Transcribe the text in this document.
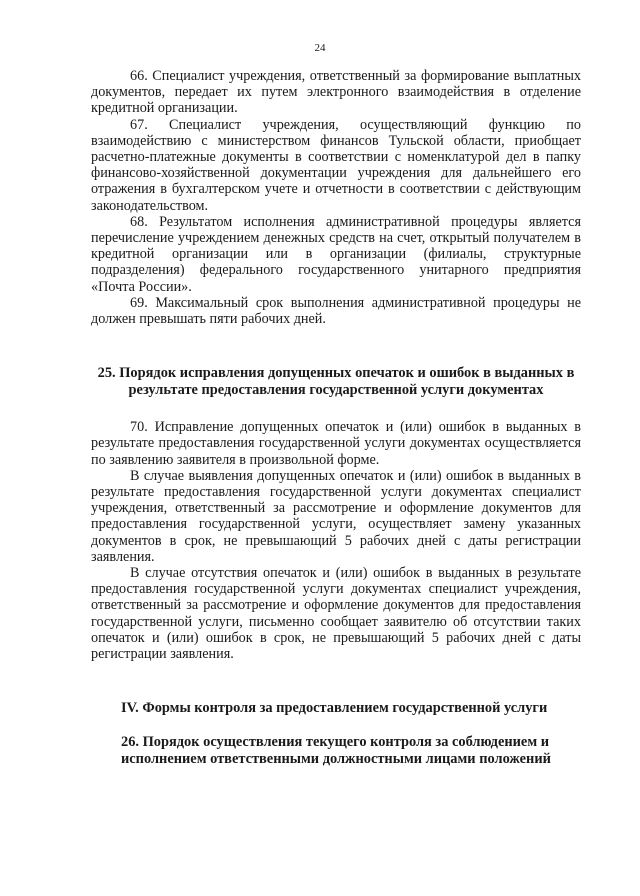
24

66. Специалист учреждения, ответственный за формирование выплатных документов, передает их путем электронного взаимодействия в отделение кредитной организации.

67. Специалист учреждения, осуществляющий функцию по взаимодействию с министерством финансов Тульской области, приобщает расчетно-платежные документы в соответствии с номенклатурой дел в папку финансово-хозяйственной документации учреждения для дальнейшего его отражения в бухгалтерском учете и отчетности в соответствии с действующим законодательством.

68. Результатом исполнения административной процедуры является перечисление учреждением денежных средств на счет, открытый получателем в кредитной организации или в организации (филиалы, структурные подразделения) федерального государственного унитарного предприятия «Почта России».

69. Максимальный срок выполнения административной процедуры не должен превышать пяти рабочих дней.

25. Порядок исправления допущенных опечаток и ошибок в выданных в результате предоставления государственной услуги документах

70. Исправление допущенных опечаток и (или) ошибок в выданных в результате предоставления государственной услуги документах осуществляется по заявлению заявителя в произвольной форме.

В случае выявления допущенных опечаток и (или) ошибок в выданных в результате предоставления государственной услуги документах специалист учреждения, ответственный за рассмотрение и оформление документов для предоставления государственной услуги, осуществляет замену указанных документов в срок, не превышающий 5 рабочих дней с даты регистрации заявления.

В случае отсутствия опечаток и (или) ошибок в выданных в результате предоставления государственной услуги документах специалист учреждения, ответственный за рассмотрение и оформление документов для предоставления государственной услуги, письменно сообщает заявителю об отсутствии таких опечаток и (или) ошибок в срок, не превышающий 5 рабочих дней с даты регистрации заявления.

IV. Формы контроля за предоставлением государственной услуги
26. Порядок осуществления текущего контроля за соблюдением и исполнением ответственными должностными лицами положений
